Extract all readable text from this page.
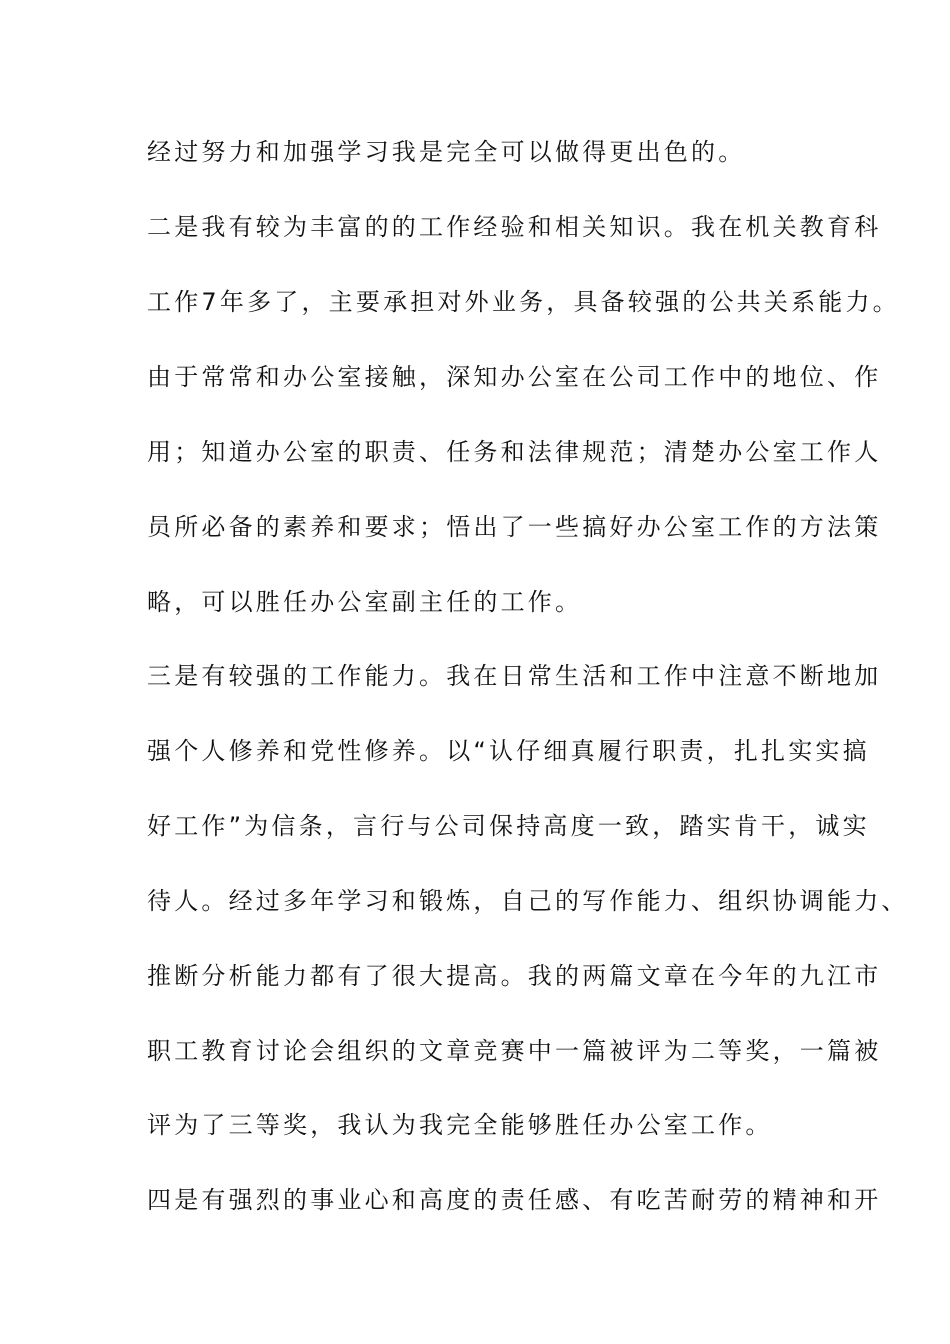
经过努力和加强学习我是完全可以做得更出色的。
二是我有较为丰富的的工作经验和相关知识。我在机关教育科
工作7年多了，主要承担对外业务，具备较强的公共关系能力。
由于常常和办公室接触，深知办公室在公司工作中的地位、作
用；知道办公室的职责、任务和法律规范；清楚办公室工作人
员所必备的素养和要求；悟出了一些搞好办公室工作的方法策
略，可以胜任办公室副主任的工作。
三是有较强的工作能力。我在日常生活和工作中注意不断地加
强个人修养和党性修养。以“认仔细真履行职责，扎扎实实搞
好工作”为信条，言行与公司保持高度一致，踏实肯干，诚实
待人。经过多年学习和锻炼，自己的写作能力、组织协调能力、
推断分析能力都有了很大提高。我的两篇文章在今年的九江市
职工教育讨论会组织的文章竞赛中一篇被评为二等奖，一篇被
评为了三等奖，我认为我完全能够胜任办公室工作。
四是有强烈的事业心和高度的责任感、有吃苦耐劳的精神和开
